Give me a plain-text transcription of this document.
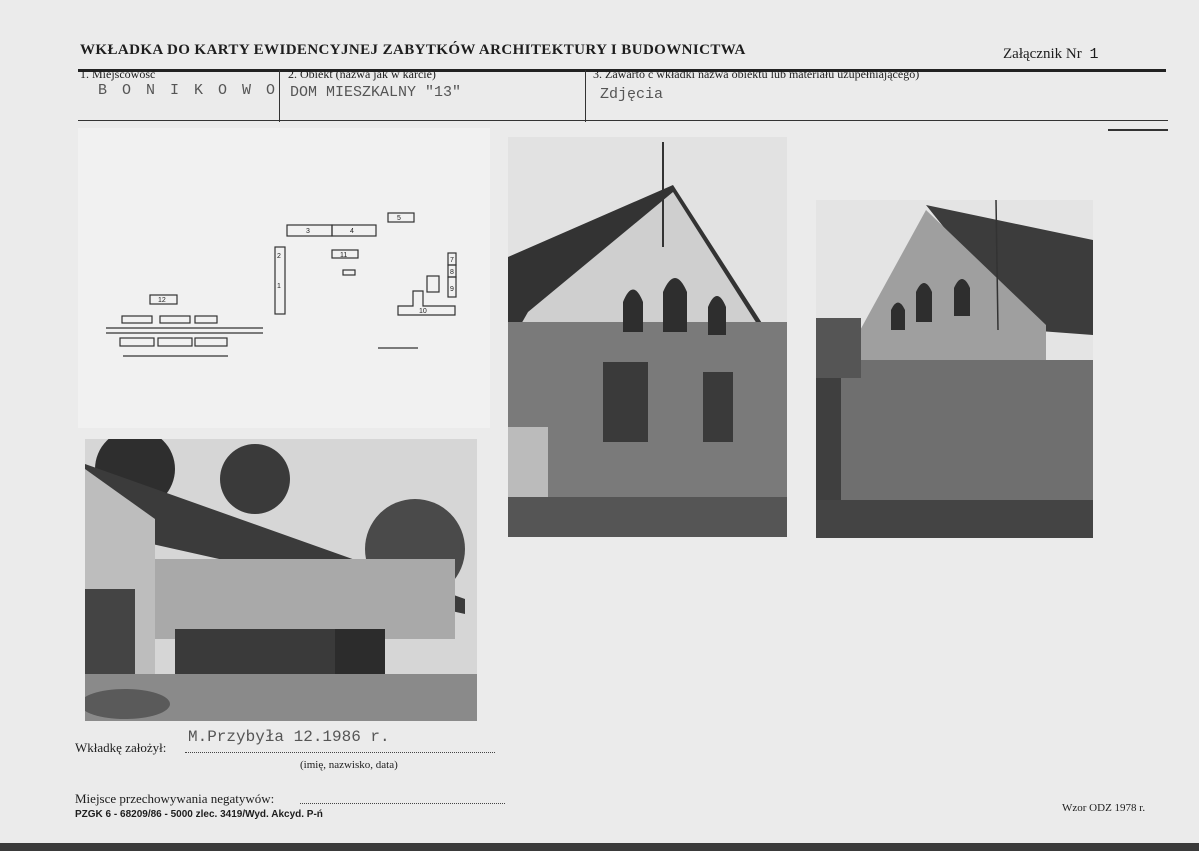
WKŁADKA DO KARTY EWIDENCYJNEJ ZABYTKÓW ARCHITEKTURY I BUDOWNICTWA	Załącznik Nr 1
1. Miejscowość
B O N I K O W O
2. Obiekt (nazwa jak w karcie)
DOM MIESZKALNY "13"
3. Zawarto ć wkładki nazwa obiektu lub materiału uzupełniającego)
Zdjęcia
5
3	4
2	11
1
12
7
8
9
10
Wkładkę założył:
M.Przybyła 12.1986 r.
(imię, nazwisko, data)
Miejsce przechowywania negatywów:
PZGK 6 - 68209/86 - 5000 zlec. 3419/Wyd. Akcyd. P-ń
Wzor ODZ 1978 r.
